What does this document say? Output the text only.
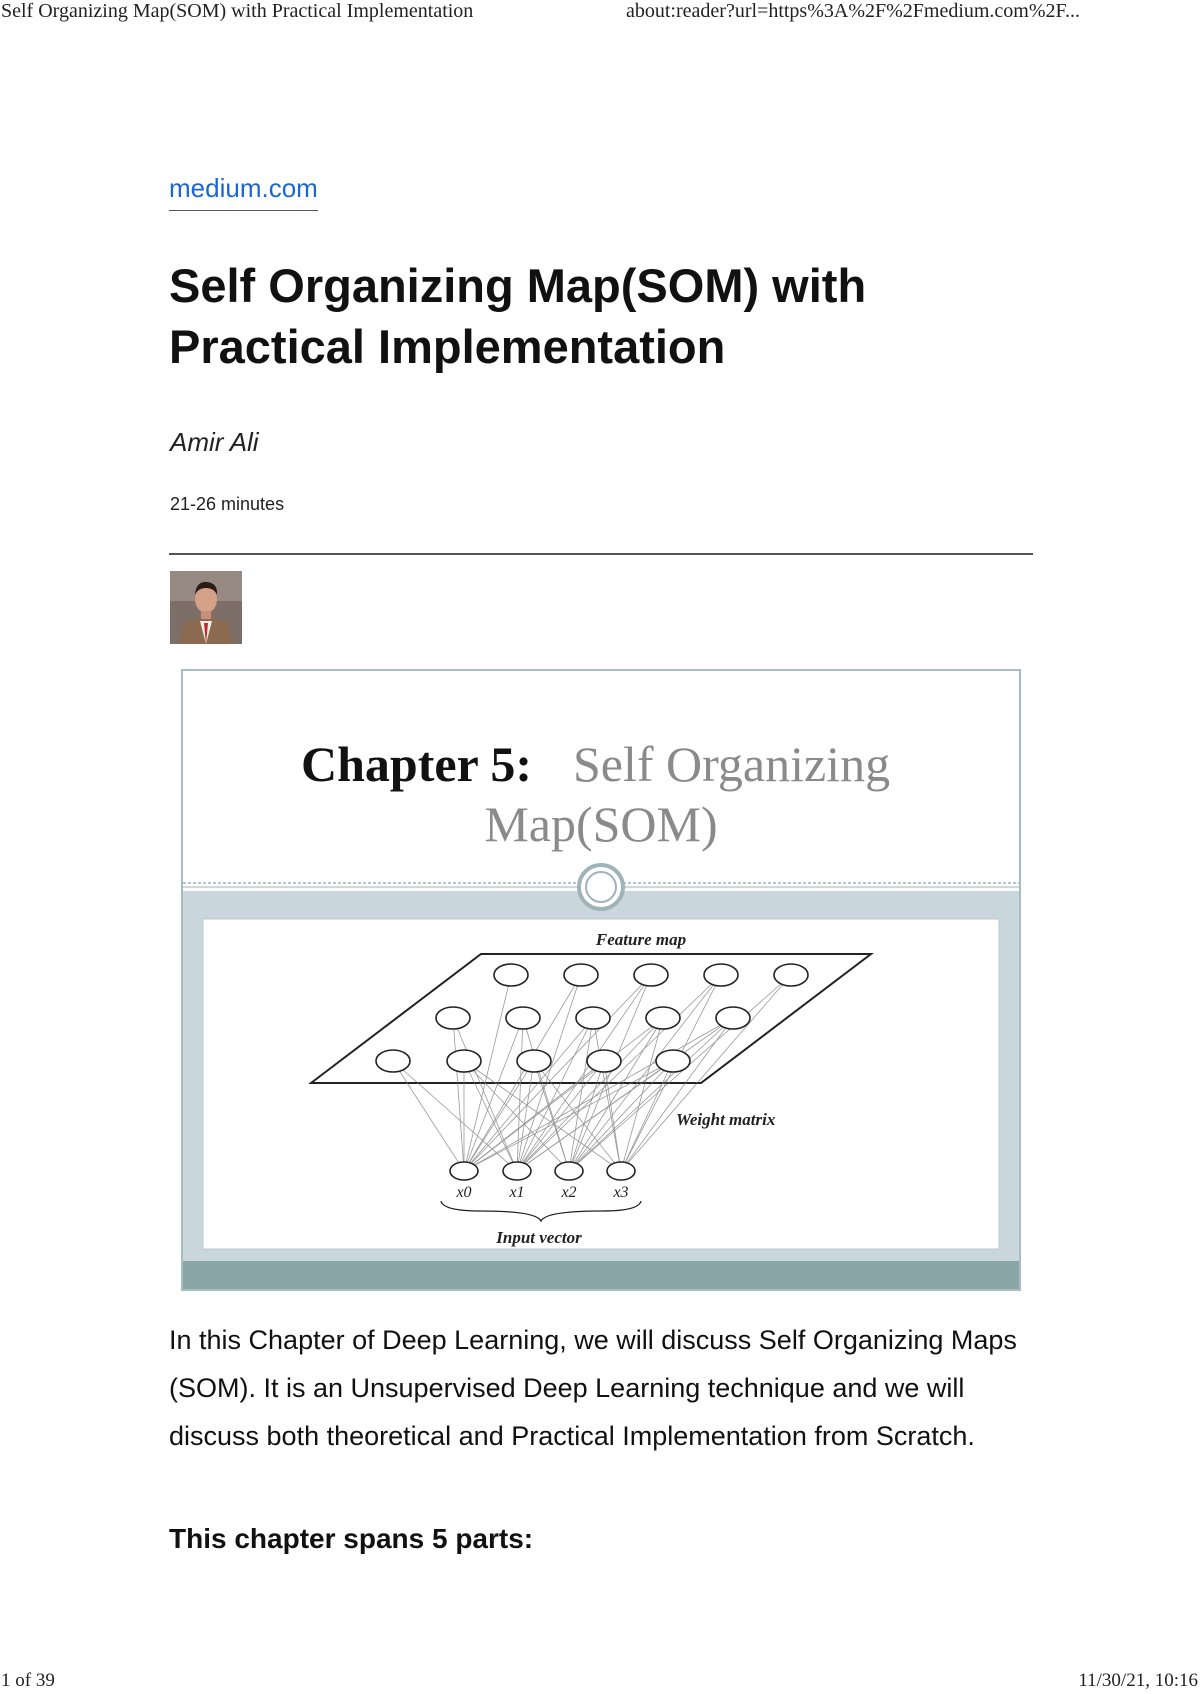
Self Organizing Map(SOM) with Practical Implementation	about:reader?url=https%3A%2F%2Fmedium.com%2F...
medium.com
Self Organizing Map(SOM) with Practical Implementation
Amir Ali
21-26 minutes
Chapter 5: Self Organizing
Map(SOM)
x0 x1 x2 x3
Input vector
Feature map
Weight matrix

In this Chapter of Deep Learning, we will discuss Self Organizing Maps (SOM). It is an Unsupervised Deep Learning technique and we will discuss both theoretical and Practical Implementation from Scratch.

This chapter spans 5 parts:
1 of 39	11/30/21, 10:16
